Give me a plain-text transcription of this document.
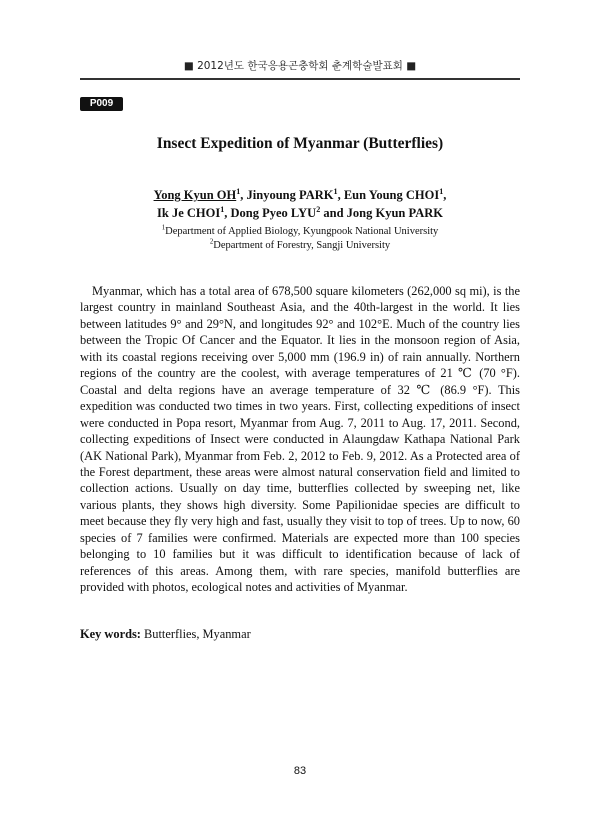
■ 2012년도 한국응용곤충학회 춘계학술발표회 ■
P009
Insect Expedition of Myanmar (Butterflies)
Yong Kyun $OH^1$, Jinyoung PARK$^1$, Eun Young CHOI$^1$,
Ik Je CHOI$^1$, Dong Pyeo LYU$^2$ and Jong Kyun PARK
$^1$Department of Applied Biology, Kyungpook National University
$^2$Department of Forestry, Sangji University

Myanmar, which has a total area of 678,500 square kilometers (262,000 sq mi), is the largest country in mainland Southeast Asia, and the 40th-largest in the world. It lies between latitudes 9° and 29°N, and longitudes 92° and 102°E. Much of the country lies between the Tropic Of Cancer and the Equator. It lies in the monsoon region of Asia, with its coastal regions receiving over 5,000 mm (196.9 in) of rain annually. Northern regions of the country are the coolest, with average temperatures of 21 ℃ (70 °F). Coastal and delta regions have an average temperature of 32 ℃ (86.9 °F). This expedition was conducted two times in two years. First, collecting expeditions of insect were conducted in Popa resort, Myanmar from Aug. 7, 2011 to Aug. 17, 2011. Second, collecting expeditions of Insect were conducted in Alaungdaw Kathapa National Park (AK National Park), Myanmar from Feb. 2, 2012 to Feb. 9, 2012. As a Protected area of the Forest department, these areas were almost natural conservation field and limited to collection actions. Usually on day time, butterflies collected by sweeping net, like various plants, they shows high diversity. Some Papilionidae species are difficult to meet because they fly very high and fast, usually they visit to top of trees. Up to now, 60 species of 7 families were confirmed. Materials are expected more than 100 species belonging to 10 families but it was difficult to identification because of lack of references of this areas. Among them, with rare species, manifold butterflies are provided with photos, ecological notes and activities of Myanmar.

Key words: Butterflies, Myanmar
83
